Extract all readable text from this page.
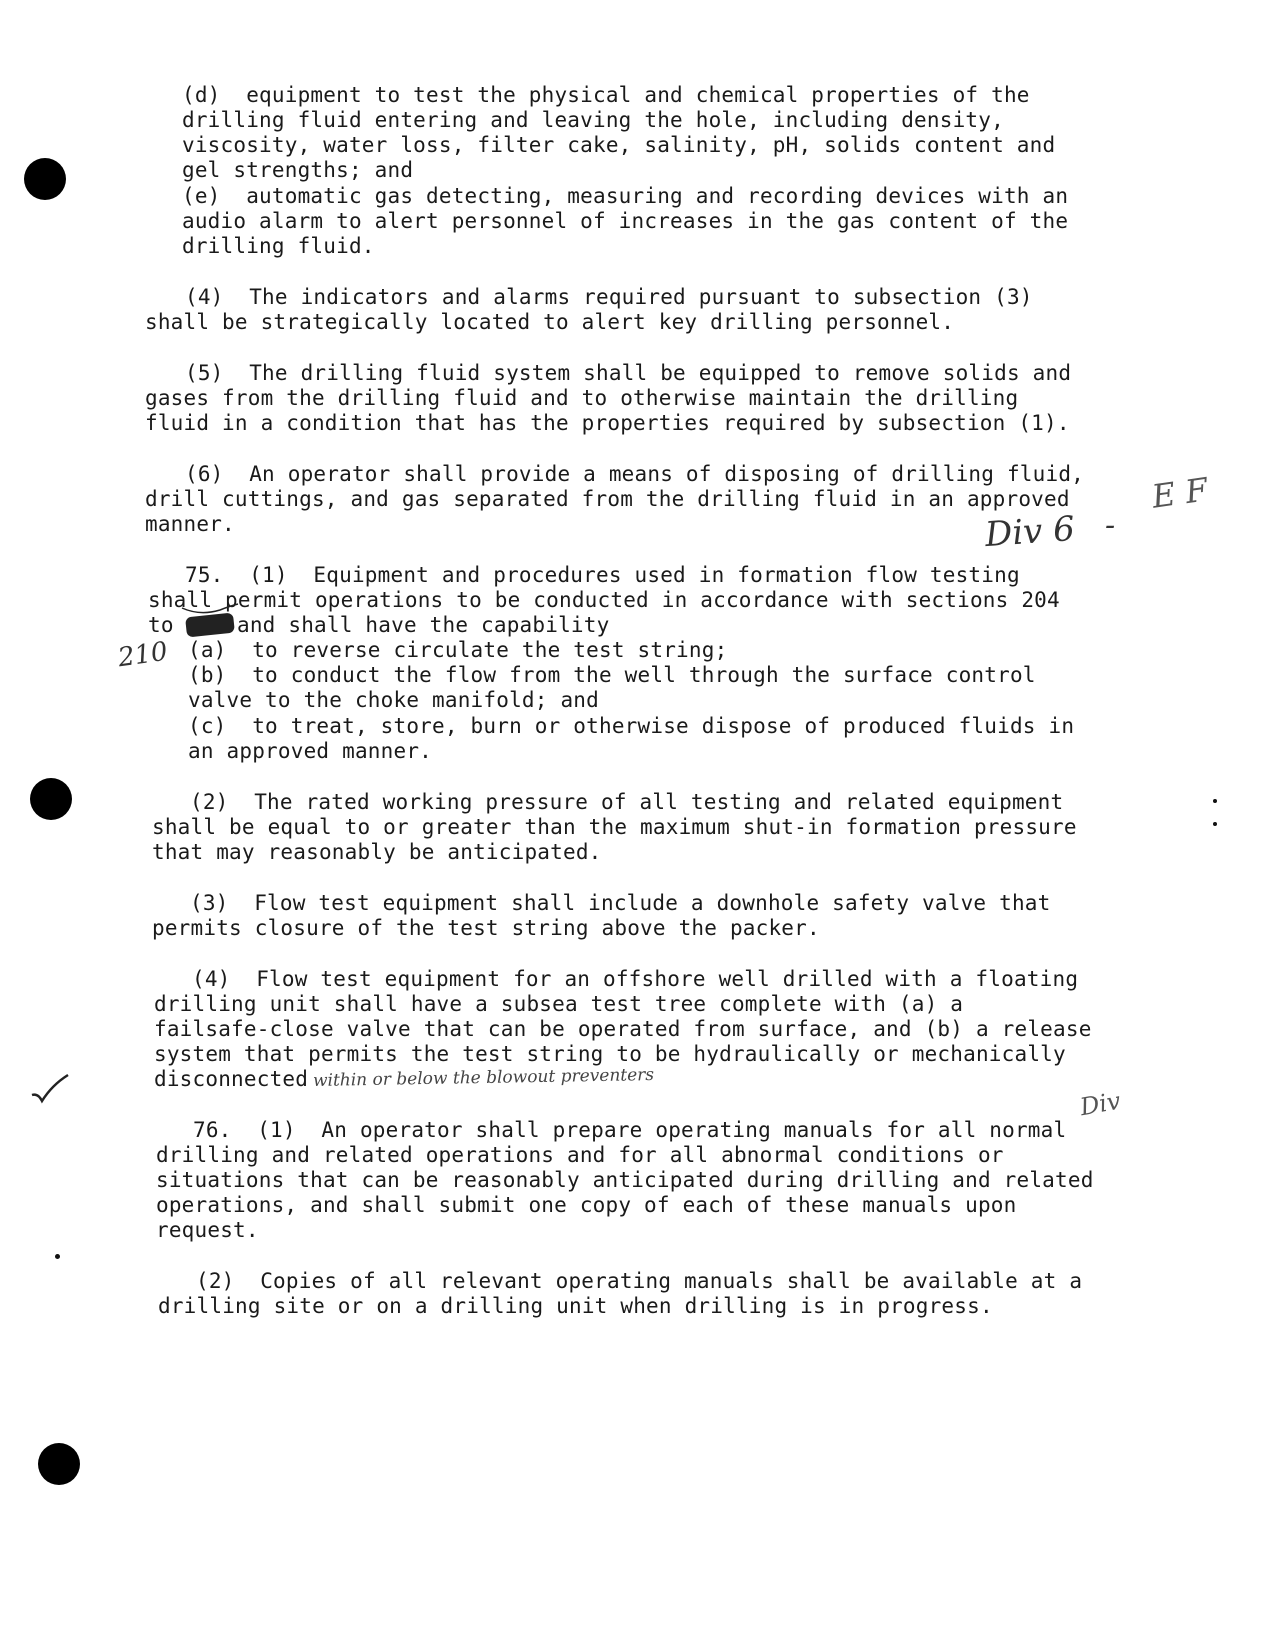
(d)  equipment to test the physical and chemical properties of the
drilling fluid entering and leaving the hole, including density,
viscosity, water loss, filter cake, salinity, pH, solids content and
gel strengths; and
(e)  automatic gas detecting, measuring and recording devices with an
audio alarm to alert personnel of increases in the gas content of the
drilling fluid.
(4)  The indicators and alarms required pursuant to subsection (3)
shall be strategically located to alert key drilling personnel.
(5)  The drilling fluid system shall be equipped to remove solids and
gases from the drilling fluid and to otherwise maintain the drilling
fluid in a condition that has the properties required by subsection (1).
(6)  An operator shall provide a means of disposing of drilling fluid,
drill cuttings, and gas separated from the drilling fluid in an approved
manner.
75.  (1)  Equipment and procedures used in formation flow testing
shall permit operations to be conducted in accordance with sections 204
to	and shall have the capability
(a)  to reverse circulate the test string;
(b)  to conduct the flow from the well through the surface control
valve to the choke manifold; and
(c)  to treat, store, burn or otherwise dispose of produced fluids in
an approved manner.
(2)  The rated working pressure of all testing and related equipment
shall be equal to or greater than the maximum shut-in formation pressure
that may reasonably be anticipated.
(3)  Flow test equipment shall include a downhole safety valve that
permits closure of the test string above the packer.
(4)  Flow test equipment for an offshore well drilled with a floating
drilling unit shall have a subsea test tree complete with (a) a
failsafe-close valve that can be operated from surface, and (b) a release
system that permits the test string to be hydraulically or mechanically
disconnected within or below the blowout preventers
76.  (1)  An operator shall prepare operating manuals for all normal
drilling and related operations and for all abnormal conditions or
situations that can be reasonably anticipated during drilling and related
operations, and shall submit one copy of each of these manuals upon
request.
(2)  Copies of all relevant operating manuals shall be available at a
drilling site or on a drilling unit when drilling is in progress.
Div 6 -
E F
210
Div
